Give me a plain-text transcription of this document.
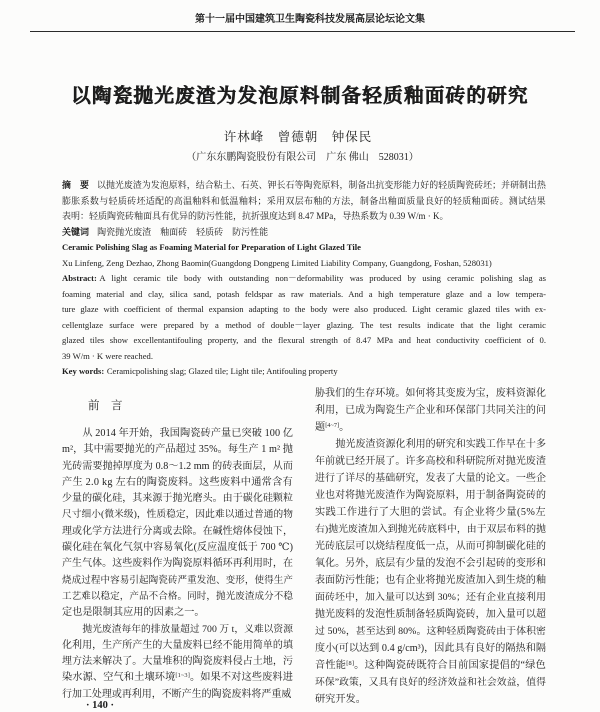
第十一届中国建筑卫生陶瓷科技发展高层论坛论文集
以陶瓷抛光废渣为发泡原料制备轻质釉面砖的研究
许林峰　曾德朝　钟保民
（广东东鹏陶瓷股份有限公司　广东 佛山　528031）
摘　要 以抛光废渣为发泡原料，结合粘土、石英、钾长石等陶瓷原料，制备出抗变形能力好的轻质陶瓷砖坯；并研制出热
膨胀系数与轻质砖坯适配的高温釉料和低温釉料；采用双层布釉的方法，制备出釉面质量良好的轻质釉面砖。测试结果
表明：轻质陶瓷砖釉面具有优异的防污性能，抗折强度达到 8.47 MPa，导热系数为 0.39 W/m · K。
关键词 陶瓷抛光废渣 釉面砖 轻质砖 防污性能
Ceramic Polishing Slag as Foaming Material for Preparation of Light Glazed Tile
Xu Linfeng, Zeng Dezhao, Zhong Baomin(Guangdong Dongpeng Limited Liability Company, Guangdong, Foshan, 528031)
Abstract: A light ceramic tile body with outstanding non－deformability was produced by using ceramic polishing slag as
foaming material and clay, silica sand, potash feldspar as raw materials. And a high temperature glaze and a low tempera-
ture glaze with coefficient of thermal expansion adapting to the body were also produced. Light ceramic glazed tiles with ex-
cellentglaze surface were prepared by a method of double－layer glazing. The test results indicate that the light ceramic
glazed tiles show excellentantifouling property, and the flexural strength of 8.47 MPa and heat conductivity coefficient of 0.
39 W/m · K were reached.
Key words: Ceramicpolishing slag; Glazed tile; Light tile; Antifouling property
前　言
从 2014 年开始，我国陶瓷砖产量已突破 100 亿
m²，其中需要抛光的产品超过 35%。每生产 1 m² 抛
光砖需要抛掉厚度为 0.8～1.2 mm 的砖表面层，从而
产生 2.0 kg 左右的陶瓷废料。这些废料中通常含有
少量的碳化硅，其来源于抛光磨头。由于碳化硅颗粒
尺寸细小(微米级)，性质稳定，因此难以通过普通的物
理或化学方法进行分离或去除。在碱性熔体侵蚀下，
碳化硅在氧化气氛中容易氧化(反应温度低于 700 ℃)
产生气体。这些废料作为陶瓷原料循环再利用时，在
烧成过程中容易引起陶瓷砖严重发泡、变形，使得生产
工艺难以稳定，产品不合格。同时，抛光废渣成分不稳
定也是限制其应用的因素之一。
抛光废渣每年的排放量超过 700 万 t，义难以资源
化利用，生产所产生的大量废料已经不能用简单的填
埋方法来解决了。大量堆积的陶瓷废料侵占土地，污
染水源、空气和土壤环境[1~3]。如果不对这些废料进
行加工处理或再利用，不断产生的陶瓷废料将严重威
胁我们的生存环境。如何将其变废为宝，废料资源化
利用，已成为陶瓷生产企业和环保部门共同关注的问
题[4~7]。
抛光废渣资源化利用的研究和实践工作早在十多
年前就已经开展了。许多高校和科研院所对抛光废渣
进行了详尽的基础研究，发表了大量的论文。一些企
业也对将抛光废渣作为陶瓷原料，用于制备陶瓷砖的
实践工作进行了大胆的尝试。有企业将少量(5%左
右)抛光废渣加入到抛光砖底料中，由于双层布料的抛
光砖底层可以烧结程度低一点，从而可抑制碳化硅的
氧化。另外，底层有少量的发泡不会引起砖的变形和
表面防污性能；也有企业将抛光废渣加入到生烧的釉
面砖坯中，加入量可以达到 30%；还有企业直接利用
抛光废料的发泡性质制备轻质陶瓷砖，加入量可以超
过 50%，甚至达到 80%。这种轻质陶瓷砖由于体积密
度小(可以达到 0.4 g/cm³)，因此具有良好的隔热和隔
音性能[8]。这种陶瓷砖既符合目前国家提倡的“绿色
环保”政策，又具有良好的经济效益和社会效益，值得
研究开发。
· 140 ·
